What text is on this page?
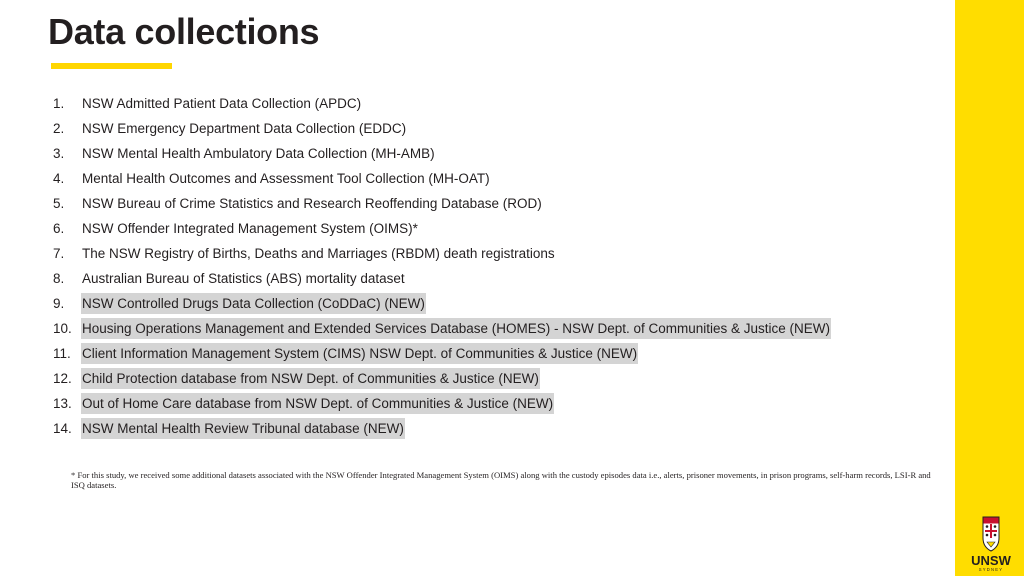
Data collections
1.	NSW Admitted Patient Data Collection (APDC)
2.	NSW Emergency Department Data Collection (EDDC)
3.	NSW Mental Health Ambulatory Data Collection (MH-AMB)
4.	Mental Health Outcomes and Assessment Tool Collection (MH-OAT)
5.	NSW Bureau of Crime Statistics and Research Reoffending Database (ROD)
6.	NSW Offender Integrated Management System (OIMS)*
7.	The NSW Registry of Births, Deaths and Marriages (RBDM) death registrations
8.	Australian Bureau of Statistics (ABS) mortality dataset
9.	NSW Controlled Drugs Data Collection (CoDDaC) (NEW)
10. Housing Operations Management and Extended Services Database (HOMES) - NSW Dept. of Communities & Justice (NEW)
11. Client Information Management System (CIMS) NSW Dept. of Communities & Justice (NEW)
12. Child Protection database from NSW Dept. of Communities & Justice (NEW)
13. Out of Home Care database from NSW Dept. of Communities & Justice (NEW)
14. NSW Mental Health Review Tribunal database (NEW)

* For this study, we received some additional datasets associated with the NSW Offender Integrated Management System (OIMS) along with the custody episodes data i.e., alerts, prisoner movements, in prison programs, self-harm records, LSI-R and ISQ datasets.

UNSW
SYDNEY
